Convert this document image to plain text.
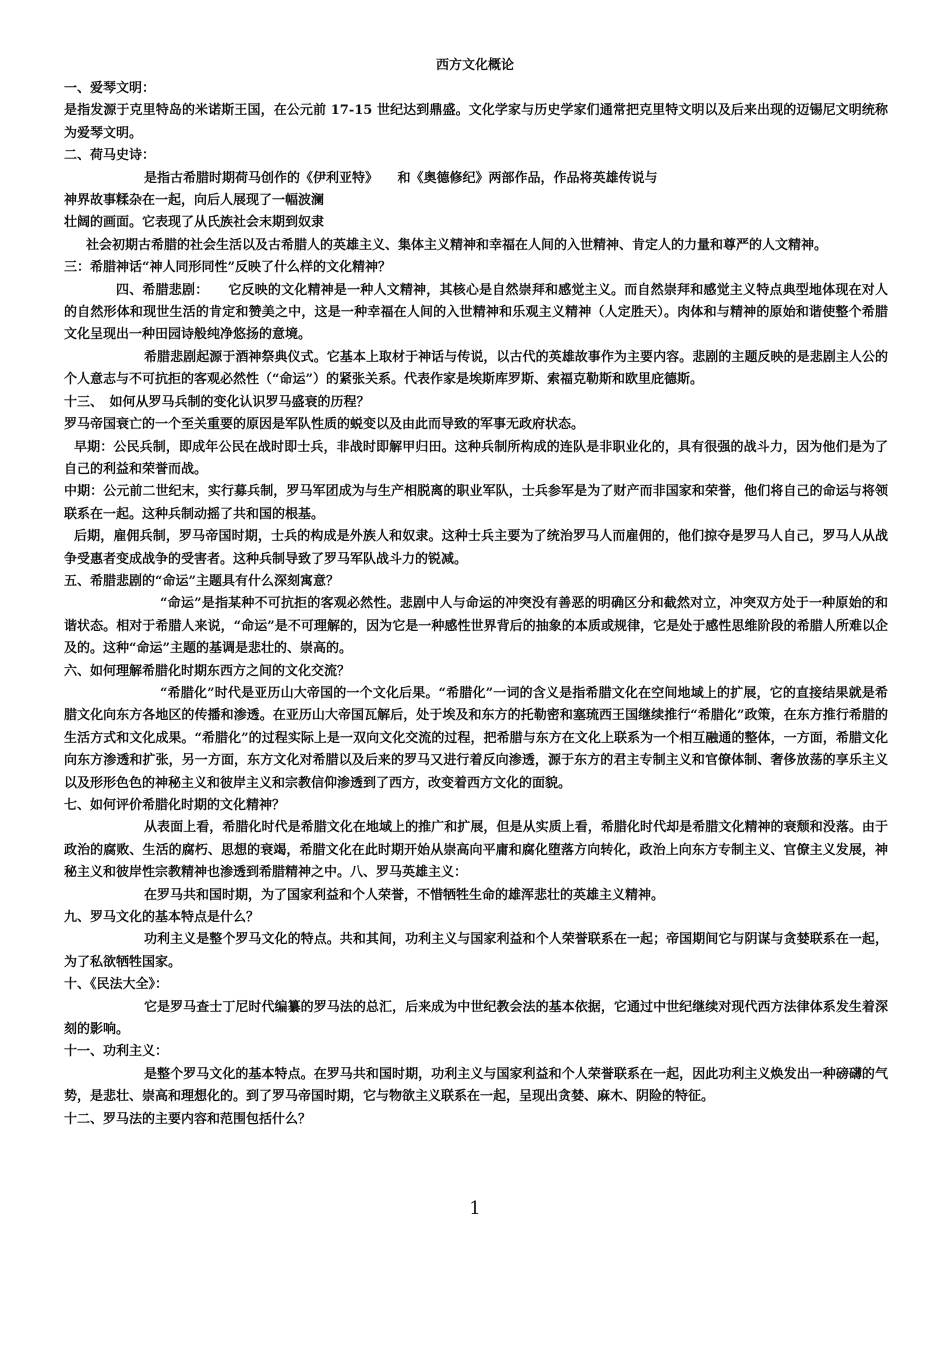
西方文化概论

一、爱琴文明：

是指发源于克里特岛的米诺斯王国，在公元前 17-15 世纪达到鼎盛。文化学家与历史学家们通常把克里特文明以及后来出现的迈锡尼文明统称为爱琴文明。

二、荷马史诗：

是指古希腊时期荷马创作的《伊利亚特》　　和《奥德修纪》两部作品，作品将英雄传说与

神界故事糅杂在一起，向后人展现了一幅波澜

壮阔的画面。它表现了从氏族社会末期到奴隶

社会初期古希腊的社会生活以及古希腊人的英雄主义、集体主义精神和幸福在人间的入世精神、肯定人的力量和尊严的人文精神。

三：希腊神话“神人同形同性”反映了什么样的文化精神？

四、希腊悲剧：　　它反映的文化精神是一种人文精神，其核心是自然崇拜和感觉主义。而自然崇拜和感觉主义特点典型地体现在对人的自然形体和现世生活的肯定和赞美之中，这是一种幸福在人间的入世精神和乐观主义精神（人定胜天）。肉体和与精神的原始和谐使整个希腊文化呈现出一种田园诗般纯净悠扬的意境。

希腊悲剧起源于酒神祭典仪式。它基本上取材于神话与传说，以古代的英雄故事作为主要内容。悲剧的主题反映的是悲剧主人公的个人意志与不可抗拒的客观必然性（“命运”）的紧张关系。代表作家是埃斯库罗斯、索福克勒斯和欧里庇德斯。

十三、　如何从罗马兵制的变化认识罗马盛衰的历程？

罗马帝国衰亡的一个至关重要的原因是军队性质的蜕变以及由此而导致的军事无政府状态。

早期：公民兵制，即成年公民在战时即士兵，非战时即解甲归田。这种兵制所构成的连队是非职业化的，具有很强的战斗力，因为他们是为了自己的利益和荣誉而战。

中期：公元前二世纪末，实行募兵制，罗马军团成为与生产相脱离的职业军队，士兵参军是为了财产而非国家和荣誉，他们将自己的命运与将领联系在一起。这种兵制动摇了共和国的根基。

后期，雇佣兵制，罗马帝国时期，士兵的构成是外族人和奴隶。这种士兵主要为了统治罗马人而雇佣的，他们掠夺是罗马人自己，罗马人从战争受惠者变成战争的受害者。这种兵制导致了罗马军队战斗力的锐减。

五、希腊悲剧的“命运”主题具有什么深刻寓意？

“命运”是指某种不可抗拒的客观必然性。悲剧中人与命运的冲突没有善恶的明确区分和截然对立，冲突双方处于一种原始的和谐状态。相对于希腊人来说，“命运”是不可理解的，因为它是一种感性世界背后的抽象的本质或规律，它是处于感性思维阶段的希腊人所难以企及的。这种“命运”主题的基调是悲壮的、崇高的。

六、如何理解希腊化时期东西方之间的文化交流？

“希腊化”时代是亚历山大帝国的一个文化后果。“希腊化”一词的含义是指希腊文化在空间地域上的扩展，它的直接结果就是希腊文化向东方各地区的传播和渗透。在亚历山大帝国瓦解后，处于埃及和东方的托勒密和塞琉西王国继续推行“希腊化”政策，在东方推行希腊的生活方式和文化成果。“希腊化”的过程实际上是一双向文化交流的过程，把希腊与东方在文化上联系为一个相互融通的整体，一方面，希腊文化向东方渗透和扩张，另一方面，东方文化对希腊以及后来的罗马又进行着反向渗透，源于东方的君主专制主义和官僚体制、奢侈放荡的享乐主义以及形形色色的神秘主义和彼岸主义和宗教信仰渗透到了西方，改变着西方文化的面貌。

七、如何评价希腊化时期的文化精神？

从表面上看，希腊化时代是希腊文化在地域上的推广和扩展，但是从实质上看，希腊化时代却是希腊文化精神的衰颓和没落。由于政治的腐败、生活的腐朽、思想的衰竭，希腊文化在此时期开始从崇高向平庸和腐化堕落方向转化，政治上向东方专制主义、官僚主义发展，神秘主义和彼岸性宗教精神也渗透到希腊精神之中。八、罗马英雄主义：

在罗马共和国时期，为了国家利益和个人荣誉，不惜牺牲生命的雄浑悲壮的英雄主义精神。

九、罗马文化的基本特点是什么？

功利主义是整个罗马文化的特点。共和其间，功利主义与国家利益和个人荣誉联系在一起；帝国期间它与阴谋与贪婪联系在一起，为了私欲牺牲国家。

十、《民法大全》：

它是罗马查士丁尼时代编纂的罗马法的总汇，后来成为中世纪教会法的基本依据，它通过中世纪继续对现代西方法律体系发生着深刻的影响。

十一、功利主义：

是整个罗马文化的基本特点。在罗马共和国时期，功利主义与国家利益和个人荣誉联系在一起，因此功利主义焕发出一种磅礴的气势，是悲壮、崇高和理想化的。到了罗马帝国时期，它与物欲主义联系在一起，呈现出贪婪、麻木、阴险的特征。

十二、罗马法的主要内容和范围包括什么？

1
